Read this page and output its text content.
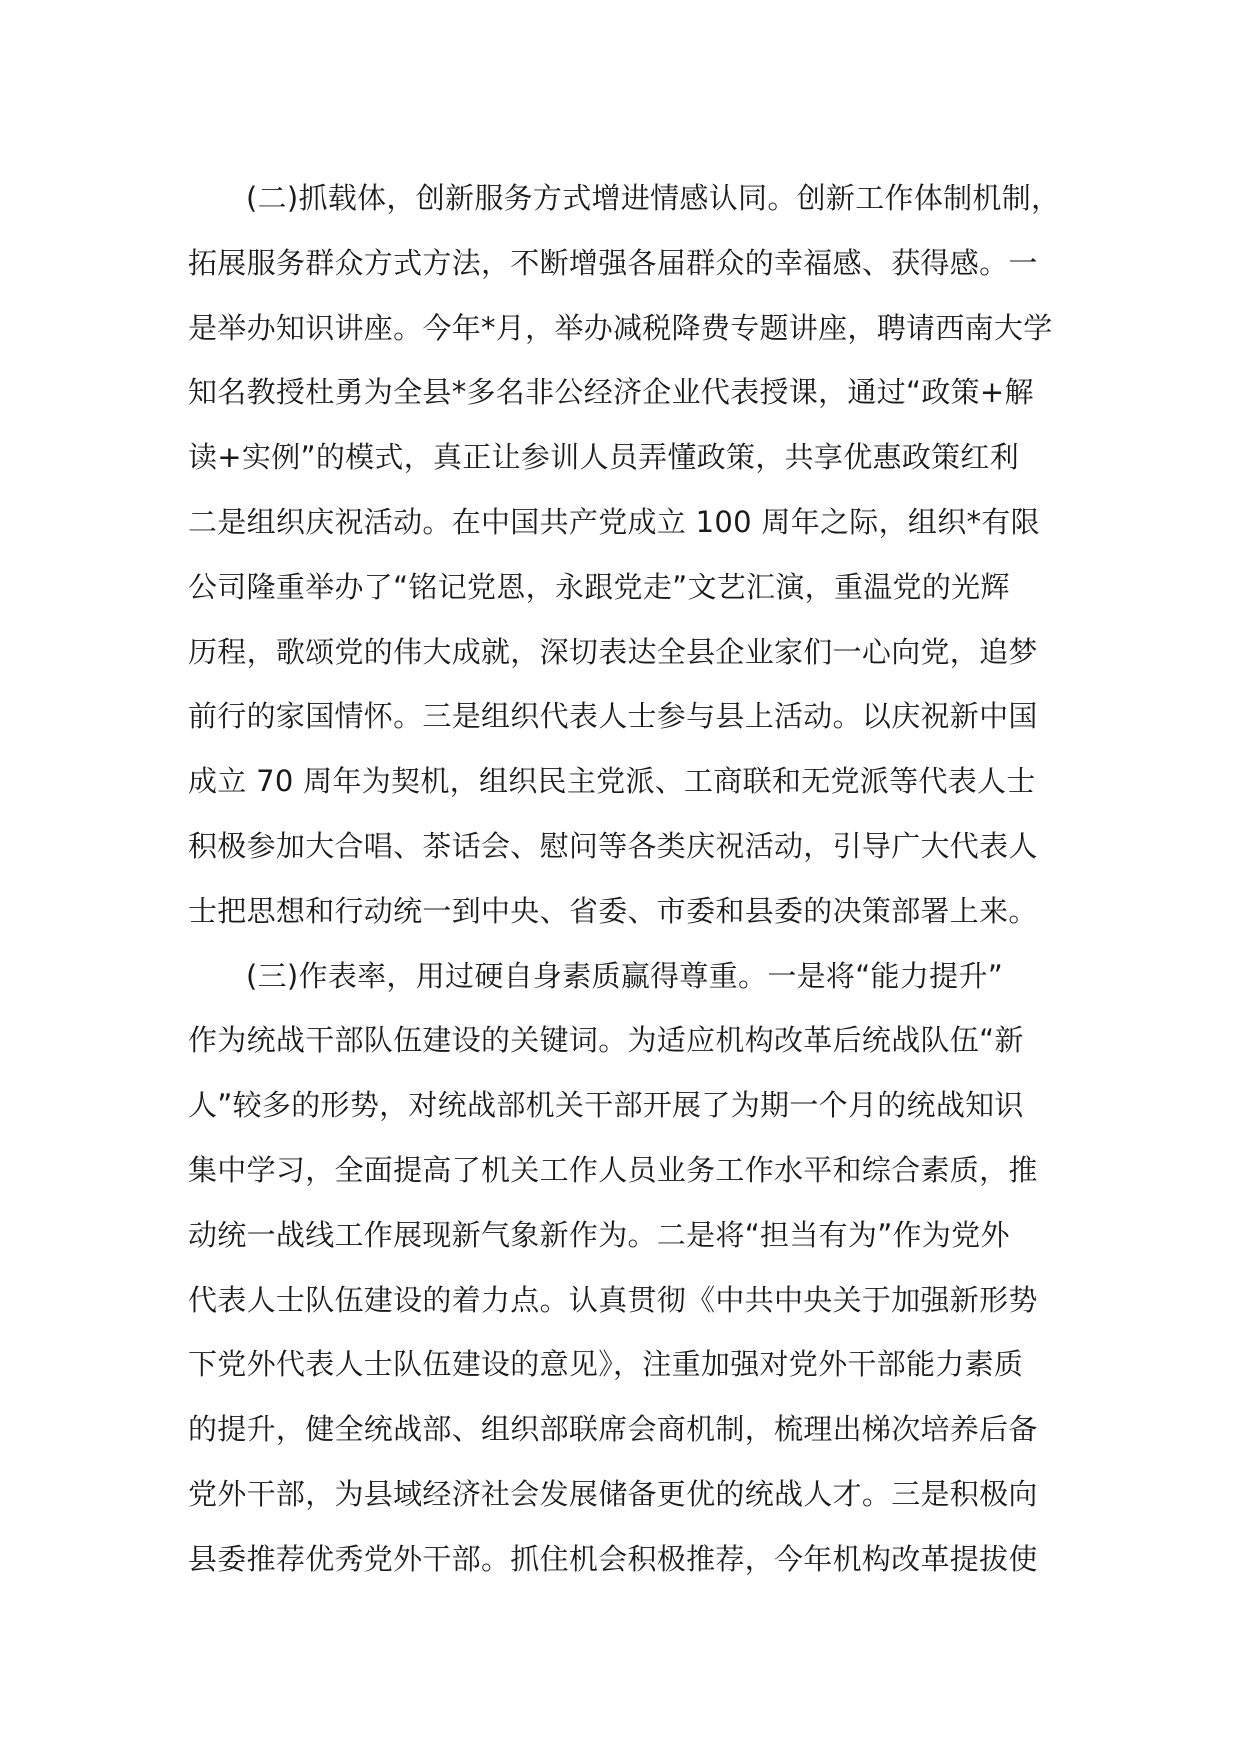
(二)抓载体，创新服务方式增进情感认同。创新工作体制机制，
拓展服务群众方式方法，不断增强各届群众的幸福感、获得感。一
是举办知识讲座。今年*月，举办减税降费专题讲座，聘请西南大学
知名教授杜勇为全县*多名非公经济企业代表授课，通过“政策+解
读+实例”的模式，真正让参训人员弄懂政策，共享优惠政策红利
二是组织庆祝活动。在中国共产党成立 100 周年之际，组织*有限
公司隆重举办了“铭记党恩，永跟党走”文艺汇演，重温党的光辉
历程，歌颂党的伟大成就，深切表达全县企业家们一心向党，追梦
前行的家国情怀。三是组织代表人士参与县上活动。以庆祝新中国
成立 70 周年为契机，组织民主党派、工商联和无党派等代表人士
积极参加大合唱、茶话会、慰问等各类庆祝活动，引导广大代表人
士把思想和行动统一到中央、省委、市委和县委的决策部署上来。
(三)作表率，用过硬自身素质赢得尊重。一是将“能力提升”
作为统战干部队伍建设的关键词。为适应机构改革后统战队伍“新
人”较多的形势，对统战部机关干部开展了为期一个月的统战知识
集中学习，全面提高了机关工作人员业务工作水平和综合素质，推
动统一战线工作展现新气象新作为。二是将“担当有为”作为党外
代表人士队伍建设的着力点。认真贯彻《中共中央关于加强新形势
下党外代表人士队伍建设的意见》，注重加强对党外干部能力素质
的提升，健全统战部、组织部联席会商机制，梳理出梯次培养后备
党外干部，为县域经济社会发展储备更优的统战人才。三是积极向
县委推荐优秀党外干部。抓住机会积极推荐，今年机构改革提拔使
